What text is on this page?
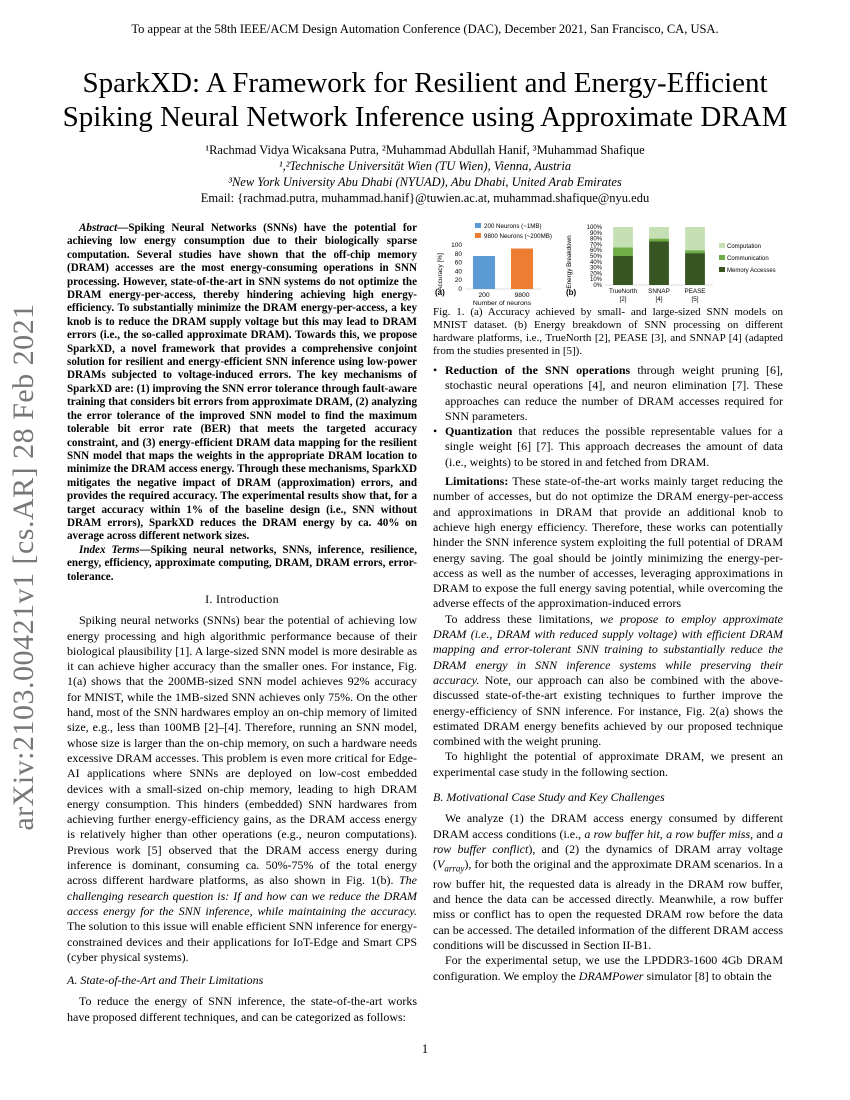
To appear at the 58th IEEE/ACM Design Automation Conference (DAC), December 2021, San Francisco, CA, USA.
SparkXD: A Framework for Resilient and Energy-Efficient
Spiking Neural Network Inference using Approximate DRAM
¹Rachmad Vidya Wicaksana Putra, ²Muhammad Abdullah Hanif, ³Muhammad Shafique
¹,²Technische Universität Wien (TU Wien), Vienna, Austria
³New York University Abu Dhabi (NYUAD), Abu Dhabi, United Arab Emirates
Email: {rachmad.putra, muhammad.hanif}@tuwien.ac.at, muhammad.shafique@nyu.edu
arXiv:2103.00421v1 [cs.AR] 28 Feb 2021

Abstract—Spiking Neural Networks (SNNs) have the potential for achieving low energy consumption due to their biologically sparse computation. Several studies have shown that the off-chip memory (DRAM) accesses are the most energy-consuming operations in SNN processing. However, state-of-the-art in SNN systems do not optimize the DRAM energy-per-access, thereby hindering achieving high energy-efficiency. To substantially minimize the DRAM energy-per-access, a key knob is to reduce the DRAM supply voltage but this may lead to DRAM errors (i.e., the so-called approximate DRAM). Towards this, we propose SparkXD, a novel framework that provides a comprehensive conjoint solution for resilient and energy-efficient SNN inference using low-power DRAMs subjected to voltage-induced errors. The key mechanisms of SparkXD are: (1) improving the SNN error tolerance through fault-aware training that considers bit errors from approximate DRAM, (2) analyzing the error tolerance of the improved SNN model to find the maximum tolerable bit error rate (BER) that meets the targeted accuracy constraint, and (3) energy-efficient DRAM data mapping for the resilient SNN model that maps the weights in the appropriate DRAM location to minimize the DRAM access energy. Through these mechanisms, SparkXD mitigates the negative impact of DRAM (approximation) errors, and provides the required accuracy. The experimental results show that, for a target accuracy within 1% of the baseline design (i.e., SNN without DRAM errors), SparkXD reduces the DRAM energy by ca. 40% on average across different network sizes.

Index Terms—Spiking neural networks, SNNs, inference, resilience, energy, efficiency, approximate computing, DRAM, DRAM errors, error-tolerance.

I. Introduction

Spiking neural networks (SNNs) bear the potential of achieving low energy processing and high algorithmic performance because of their biological plausibility [1]. A large-sized SNN model is more desirable as it can achieve higher accuracy than the smaller ones. For instance, Fig. 1(a) shows that the 200MB-sized SNN model achieves 92% accuracy for MNIST, while the 1MB-sized SNN achieves only 75%. On the other hand, most of the SNN hardwares employ an on-chip memory of limited size, e.g., less than 100MB [2]–[4]. Therefore, running an SNN model, whose size is larger than the on-chip memory, on such a hardware needs excessive DRAM accesses. This problem is even more critical for Edge-AI applications where SNNs are deployed on low-cost embedded devices with a small-sized on-chip memory, leading to high DRAM energy consumption. This hinders (embedded) SNN hardwares from achieving further energy-efficiency gains, as the DRAM access energy is relatively higher than other operations (e.g., neuron computations). Previous work [5] observed that the DRAM access energy during inference is dominant, consuming ca. 50%-75% of the total energy across different hardware platforms, as also shown in Fig. 1(b). The challenging research question is: If and how can we reduce the DRAM access energy for the SNN inference, while maintaining the accuracy. The solution to this issue will enable efficient SNN inference for energy-constrained devices and their applications for IoT-Edge and Smart CPS (cyber physical systems).

A. State-of-the-Art and Their Limitations

To reduce the energy of SNN inference, the state-of-the-art works have proposed different techniques, and can be categorized as follows:

200 Neurons (~1MB)
9800 Neurons (~200MB)
Accuracy [%] 0
20
40
60
80
100
200	9800
Number of neurons
(a)
Energy Breakdown	0%
10%
20%
30%
40%
50%
60%
70%
80%
90%
100%
TrueNorth
[2]
SNNAP
[4]
PEASE
[5]
(b)
Computation
Communication
Memory Accesses

Fig. 1. (a) Accuracy achieved by small- and large-sized SNN models on MNIST dataset. (b) Energy breakdown of SNN processing on different hardware platforms, i.e., TrueNorth [2], PEASE [3], and SNNAP [4] (adapted from the studies presented in [5]).

• Reduction of the SNN operations through weight pruning [6], stochastic neural operations [4], and neuron elimination [7]. These approaches can reduce the number of DRAM accesses required for SNN parameters.
• Quantization that reduces the possible representable values for a single weight [6] [7]. This approach decreases the amount of data (i.e., weights) to be stored in and fetched from DRAM.

Limitations: These state-of-the-art works mainly target reducing the number of accesses, but do not optimize the DRAM energy-per-access and approximations in DRAM that provide an additional knob to achieve high energy efficiency. Therefore, these works can potentially hinder the SNN inference system exploiting the full potential of DRAM energy saving. The goal should be jointly minimizing the energy-per-access as well as the number of accesses, leveraging approximations in DRAM to expose the full energy saving potential, while overcoming the adverse effects of the approximation-induced errors

To address these limitations, we propose to employ approximate DRAM (i.e., DRAM with reduced supply voltage) with efficient DRAM mapping and error-tolerant SNN training to substantially reduce the DRAM energy in SNN inference systems while preserving their accuracy. Note, our approach can also be combined with the above-discussed state-of-the-art existing techniques to further improve the energy-efficiency of SNN inference. For instance, Fig. 2(a) shows the estimated DRAM energy benefits achieved by our proposed technique combined with the weight pruning.

To highlight the potential of approximate DRAM, we present an experimental case study in the following section.

B. Motivational Case Study and Key Challenges

We analyze (1) the DRAM access energy consumed by different DRAM access conditions (i.e., a row buffer hit, a row buffer miss, and a row buffer conflict), and (2) the dynamics of DRAM array voltage $(V_{array})$, for both the original and the approximate DRAM scenarios. In a row buffer hit, the requested data is already in the DRAM row buffer, and hence the data can be accessed directly. Meanwhile, a row buffer miss or conflict has to open the requested DRAM row before the data can be accessed. The detailed information of the different DRAM access conditions will be discussed in Section II-B1.

For the experimental setup, we use the LPDDR3-1600 4Gb DRAM configuration. We employ the DRAMPower simulator [8] to obtain the

1
